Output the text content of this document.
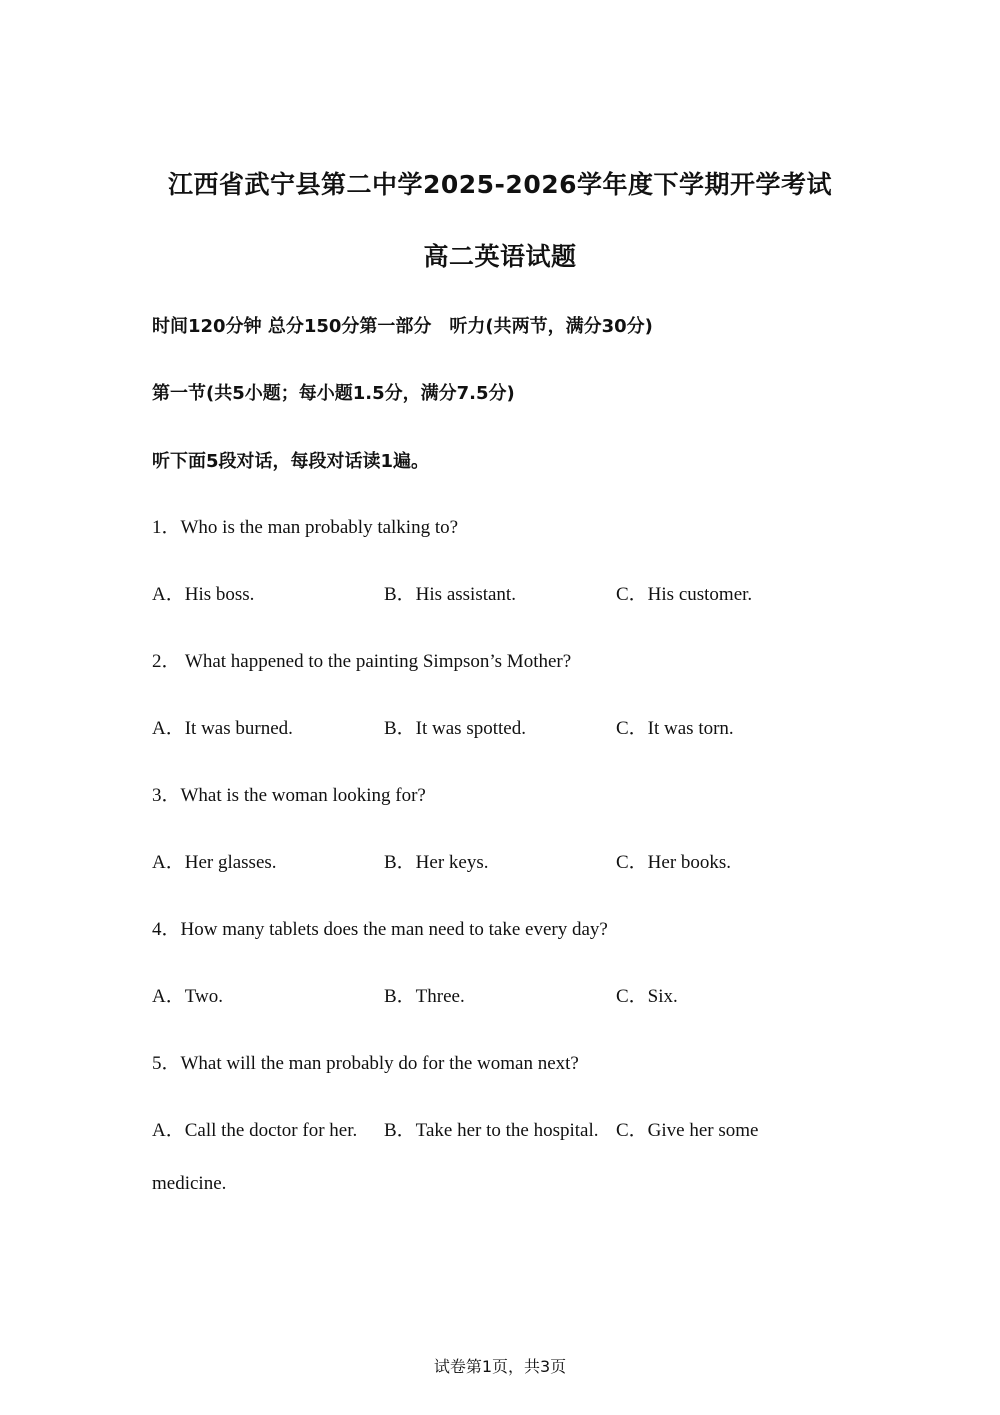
江西省武宁县第二中学2025-2026学年度下学期开学考试
高二英语试题
时间120分钟 总分150分第一部分　听力(共两节，满分30分)
第一节(共5小题；每小题1.5分，满分7.5分)
听下面5段对话，每段对话读1遍。
1．Who is the man probably talking to?
A．His boss.	B．His assistant.	C．His customer.
2． What happened to the painting Simpson’s Mother?
A．It was burned.	B．It was spotted.	C．It was torn.
3．What is the woman looking for?
A．Her glasses.	B．Her keys.	C．Her books.
4．How many tablets does the man need to take every day?
A．Two.	B．Three.	C．Six.
5．What will the man probably do for the woman next?
A．Call the doctor for her. B．Take her to the hospital. C．Give her some
medicine.
试卷第1页，共3页
